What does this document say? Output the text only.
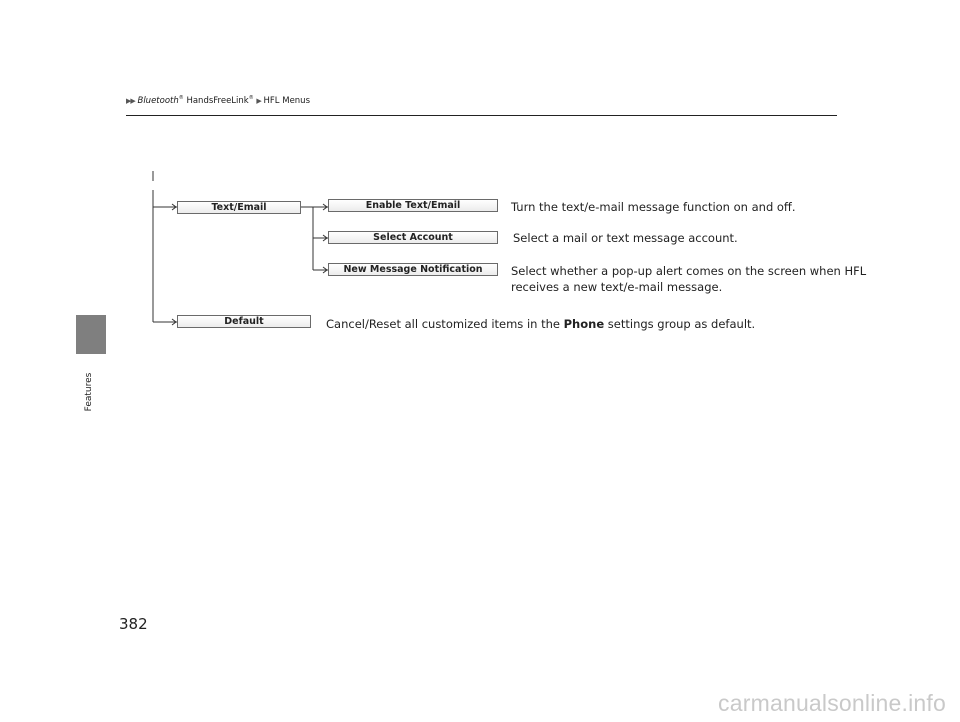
▶▶ Bluetooth® HandsFreeLink® ▶ HFL Menus
Features
Text/Email	Enable Text/Email
Select Account
New Message Notification
Default
Turn the text/e-mail message function on and off.
Select a mail or text message account.
Select whether a pop-up alert comes on the screen when HFL
receives a new text/e-mail message.
Cancel/Reset all customized items in the Phone settings group as default.
382
carmanualsonline.info
